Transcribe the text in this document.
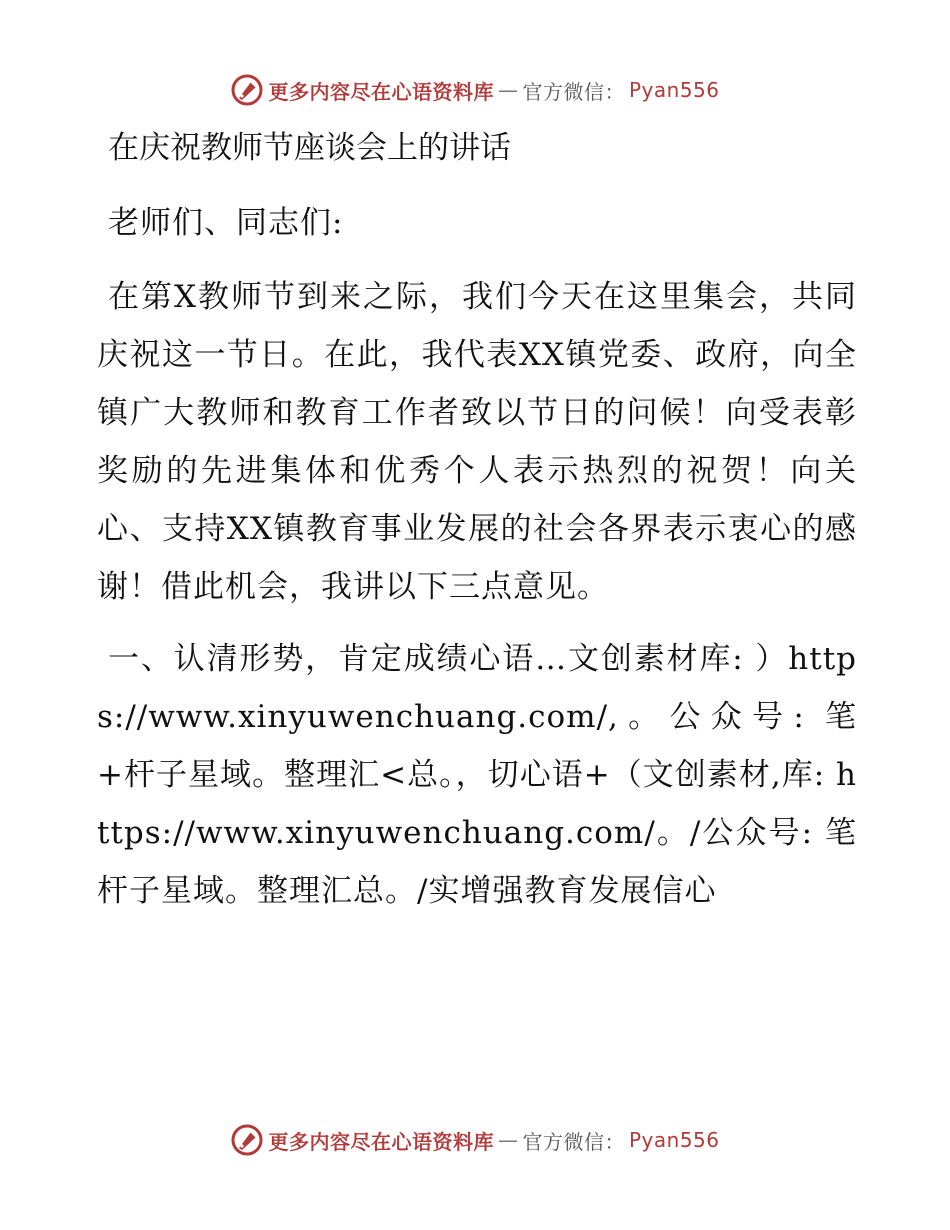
更多内容尽在心语资料库 — 官方微信： Pyan556
在庆祝教师节座谈会上的讲话

老师们、同志们:

在第X教师节到来之际，我们今天在这里集会，共同庆祝这一节日。在此，我代表XX镇党委、政府，向全镇广大教师和教育工作者致以节日的问候！向受表彰奖励的先进集体和优秀个人表示热烈的祝贺！向关心、支持XX镇教育事业发展的社会各界表示衷心的感谢！借此机会，我讲以下三点意见。

一、认清形势，肯定成绩心语…文创素材库: ）https://www.xinyuwenchuang.com/,。公众号: 笔+杆子星域。整理汇<总。，切心语+（文创素材,库: https://www.xinyuwenchuang.com/。/公众号: 笔杆子星域。整理汇总。/实增强教育发展信心

更多内容尽在心语资料库 — 官方微信： Pyan556
